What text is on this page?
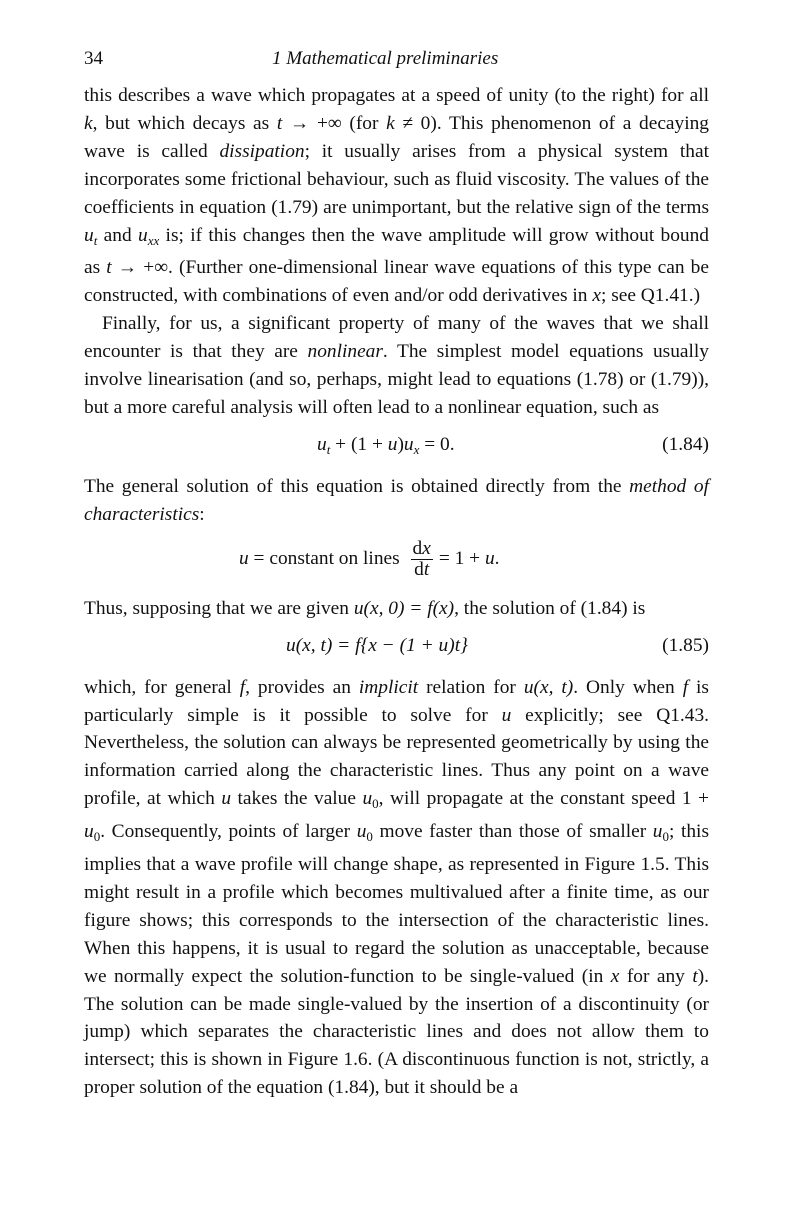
34	1 Mathematical preliminaries

this describes a wave which propagates at a speed of unity (to the right) for all k, but which decays as t → +∞ (for k ≠ 0). This phenomenon of a decaying wave is called dissipation; it usually arises from a physical system that incorporates some frictional behaviour, such as fluid viscosity. The values of the coefficients in equation (1.79) are unimportant, but the relative sign of the terms $u_t$ and $u_{xx}$ is; if this changes then the wave amplitude will grow without bound as t → +∞. (Further one-dimensional linear wave equations of this type can be constructed, with combinations of even and/or odd derivatives in x; see Q1.41.)

Finally, for us, a significant property of many of the waves that we shall encounter is that they are nonlinear. The simplest model equations usually involve linearisation (and so, perhaps, might lead to equations (1.78) or (1.79)), but a more careful analysis will often lead to a nonlinear equation, such as

$u_t + (1 + u)u_x = 0$.	(1.84)

The general solution of this equation is obtained directly from the method of characteristics:

u = constant on lines $\frac{dx}{dt} = 1 + u$ .

Thus, supposing that we are given u(x, 0) = f(x), the solution of (1.84) is

u(x, t) = f{x − (1 + u)t}	(1.85)

which, for general f, provides an implicit relation for u(x, t). Only when f is particularly simple is it possible to solve for u explicitly; see Q1.43. Nevertheless, the solution can always be represented geometrically by using the information carried along the characteristic lines. Thus any point on a wave profile, at which u takes the value $u_0$, will propagate at the constant speed $1 + u_0$. Consequently, points of larger $u_0$ move faster than those of smaller $u_0$; this implies that a wave profile will change shape, as represented in Figure 1.5. This might result in a profile which becomes multivalued after a finite time, as our figure shows; this corresponds to the intersection of the characteristic lines. When this happens, it is usual to regard the solution as unacceptable, because we normally expect the solution-function to be single-valued (in x for any t). The solution can be made single-valued by the insertion of a discontinuity (or jump) which separates the characteristic lines and does not allow them to intersect; this is shown in Figure 1.6. (A discontinuous function is not, strictly, a proper solution of the equation (1.84), but it should be a
